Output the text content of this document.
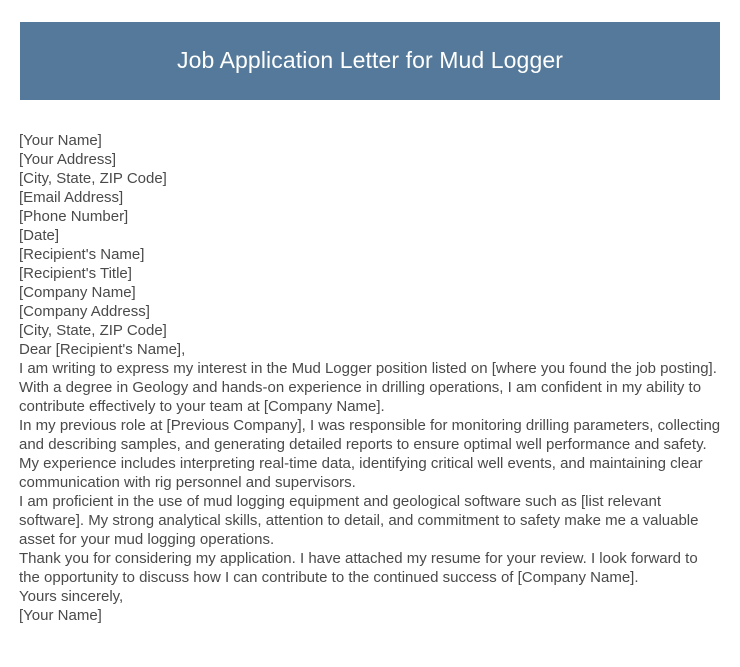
Job Application Letter for Mud Logger
[Your Name]
[Your Address]
[City, State, ZIP Code]
[Email Address]
[Phone Number]
[Date]
[Recipient's Name]
[Recipient's Title]
[Company Name]
[Company Address]
[City, State, ZIP Code]
Dear [Recipient's Name],
I am writing to express my interest in the Mud Logger position listed on [where you found the job posting]. With a degree in Geology and hands-on experience in drilling operations, I am confident in my ability to contribute effectively to your team at [Company Name].
In my previous role at [Previous Company], I was responsible for monitoring drilling parameters, collecting and describing samples, and generating detailed reports to ensure optimal well performance and safety. My experience includes interpreting real-time data, identifying critical well events, and maintaining clear communication with rig personnel and supervisors.
I am proficient in the use of mud logging equipment and geological software such as [list relevant software]. My strong analytical skills, attention to detail, and commitment to safety make me a valuable asset for your mud logging operations.
Thank you for considering my application. I have attached my resume for your review. I look forward to the opportunity to discuss how I can contribute to the continued success of [Company Name].
Yours sincerely,
[Your Name]
